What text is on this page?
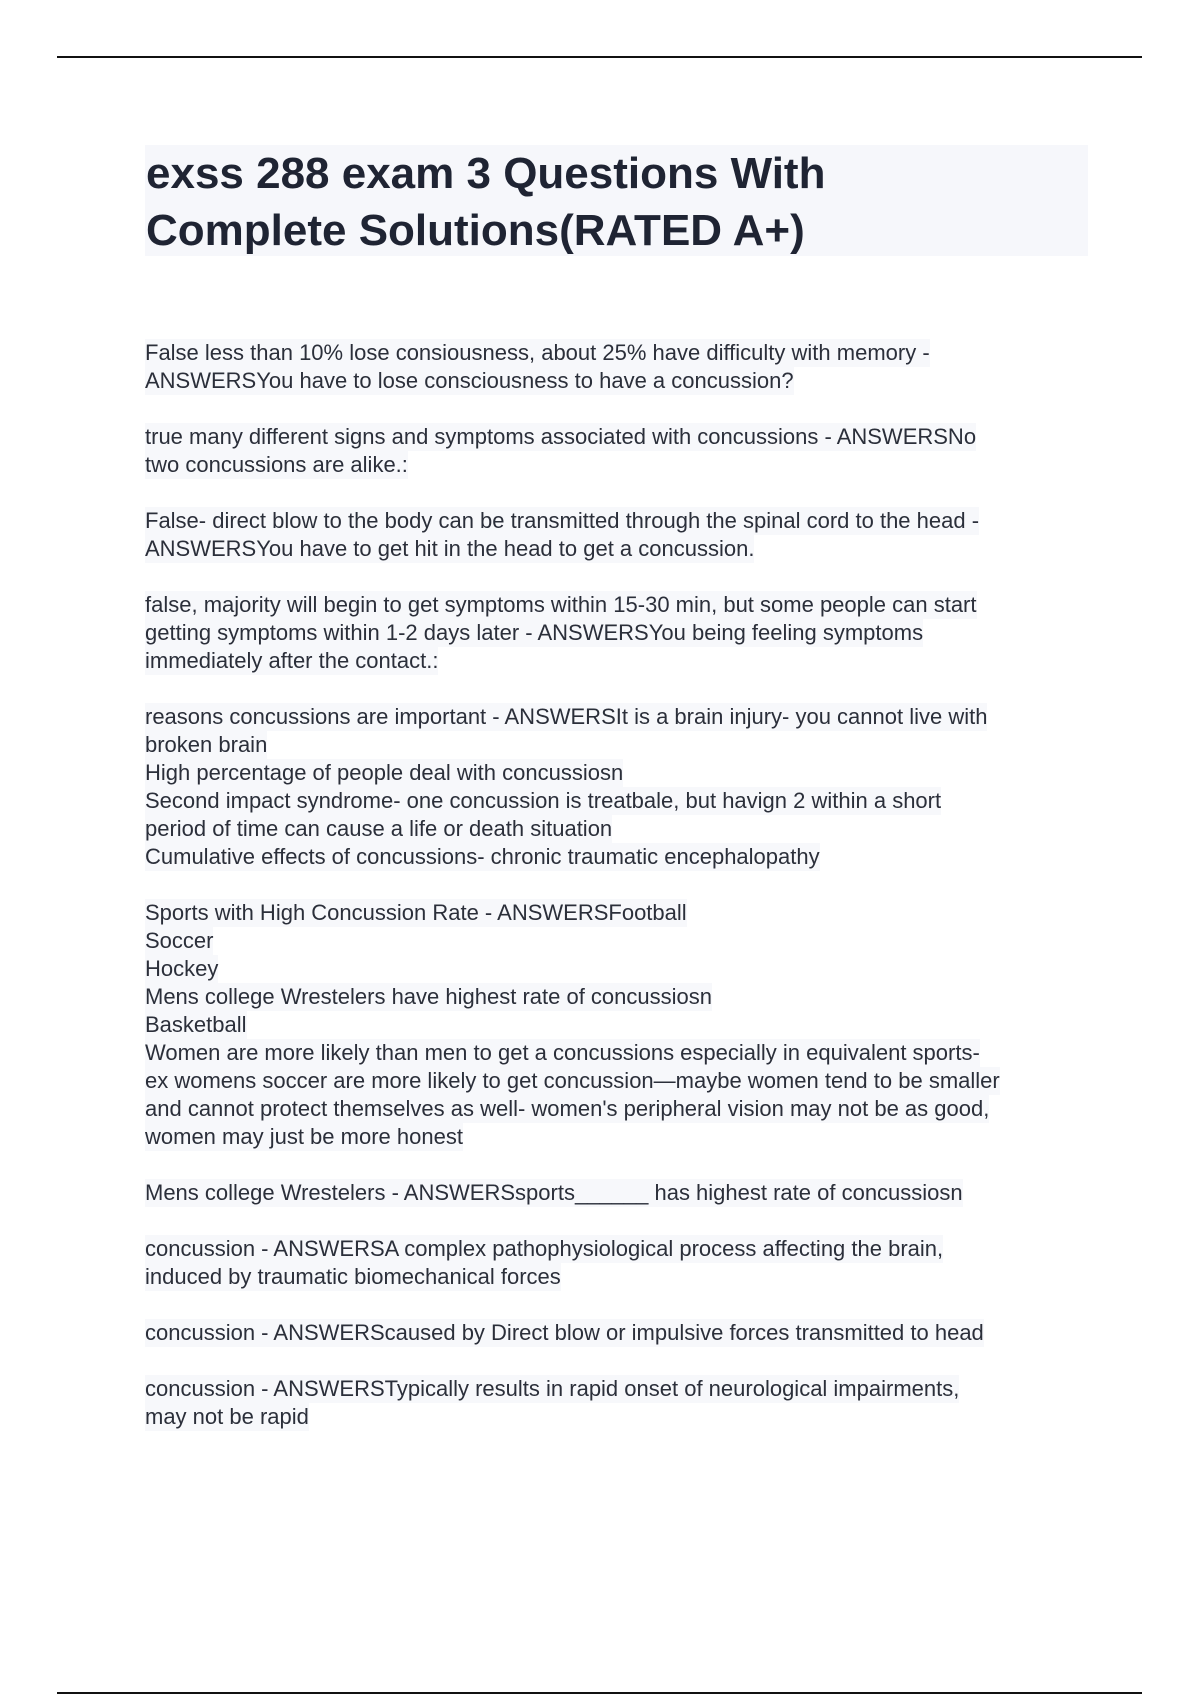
exss 288 exam 3 Questions With
Complete Solutions(RATED A+)
False less than 10% lose consiousness, about 25% have difficulty with memory -
ANSWERSYou have to lose consciousness to have a concussion?
true many different signs and symptoms associated with concussions - ANSWERSNo
two concussions are alike.:
False- direct blow to the body can be transmitted through the spinal cord to the head -
ANSWERSYou have to get hit in the head to get a concussion.
false, majority will begin to get symptoms within 15-30 min, but some people can start
getting symptoms within 1-2 days later - ANSWERSYou being feeling symptoms
immediately after the contact.:
reasons concussions are important - ANSWERSIt is a brain injury- you cannot live with
broken brain
High percentage of people deal with concussiosn
Second impact syndrome- one concussion is treatbale, but havign 2 within a short
period of time can cause a life or death situation
Cumulative effects of concussions- chronic traumatic encephalopathy
Sports with High Concussion Rate - ANSWERSFootball
Soccer
Hockey
Mens college Wrestelers have highest rate of concussiosn
Basketball
Women are more likely than men to get a concussions especially in equivalent sports-
ex womens soccer are more likely to get concussion—maybe women tend to be smaller
and cannot protect themselves as well- women's peripheral vision may not be as good,
women may just be more honest
Mens college Wrestelers - ANSWERSsports______ has highest rate of concussiosn
concussion - ANSWERSA complex pathophysiological process affecting the brain,
induced by traumatic biomechanical forces
concussion - ANSWERScaused by Direct blow or impulsive forces transmitted to head
concussion - ANSWERSTypically results in rapid onset of neurological impairments,
may not be rapid
